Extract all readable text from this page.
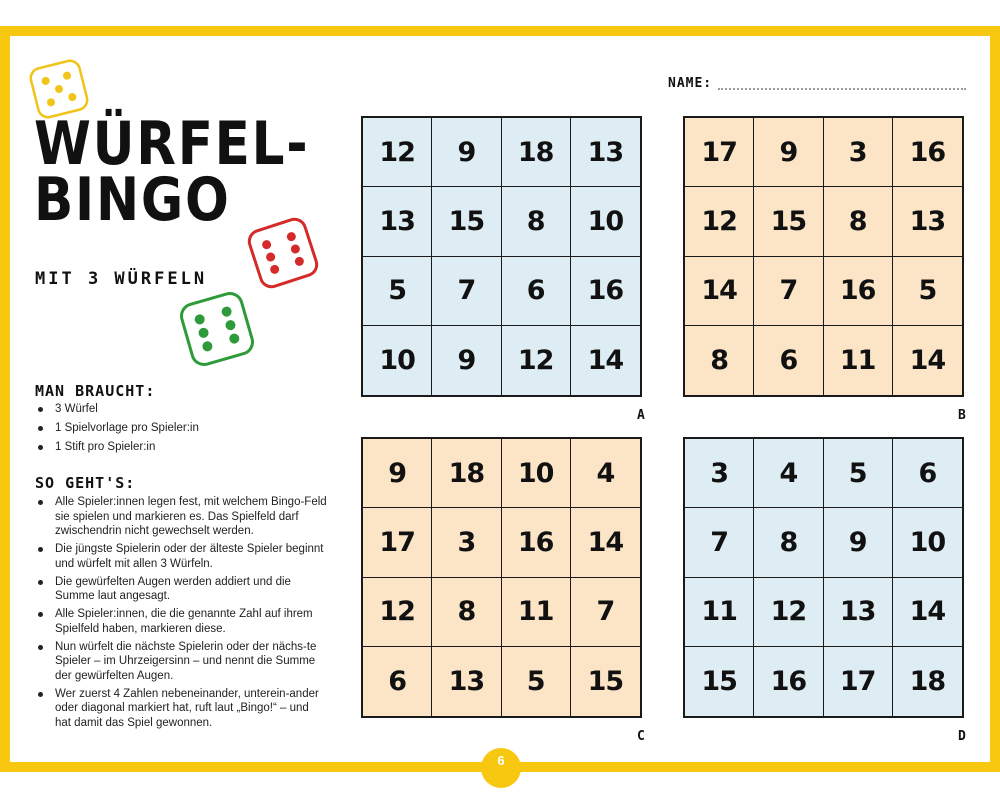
WÜRFEL-
BINGO
MIT 3 WÜRFELN
MAN BRAUCHT:
3 Würfel
1 Spielvorlage pro Spieler:in
1 Stift pro Spieler:in
SO GEHT'S:
Alle Spieler:innen legen fest, mit welchem Bingo-Feld sie spielen und markieren es. Das Spielfeld darf zwischendrin nicht gewechselt werden.
Die jüngste Spielerin oder der älteste Spieler beginnt und würfelt mit allen 3 Würfeln.
Die gewürfelten Augen werden addiert und die Summe laut angesagt.
Alle Spieler:innen, die die genannte Zahl auf ihrem Spielfeld haben, markieren diese.
Nun würfelt die nächste Spielerin oder der nächs-te Spieler – im Uhrzeigersinn – und nennt die Summe der gewürfelten Augen.
Wer zuerst 4 Zahlen nebeneinander, unterein-ander oder diagonal markiert hat, ruft laut „Bingo!“ – und hat damit das Spiel gewonnen.
NAME:
12	9	18	13
13	15	8	10
5	7	6	16
10	9	12	14
17	9	3	16
12	15	8	13
14	7	16	5
8	6	11	14
9	18	10	4
17	3	16	14
12	8	11	7
6	13	5	15
3	4	5	6
7	8	9	10
11	12	13	14
15	16	17	18
A	B
C	D
6
